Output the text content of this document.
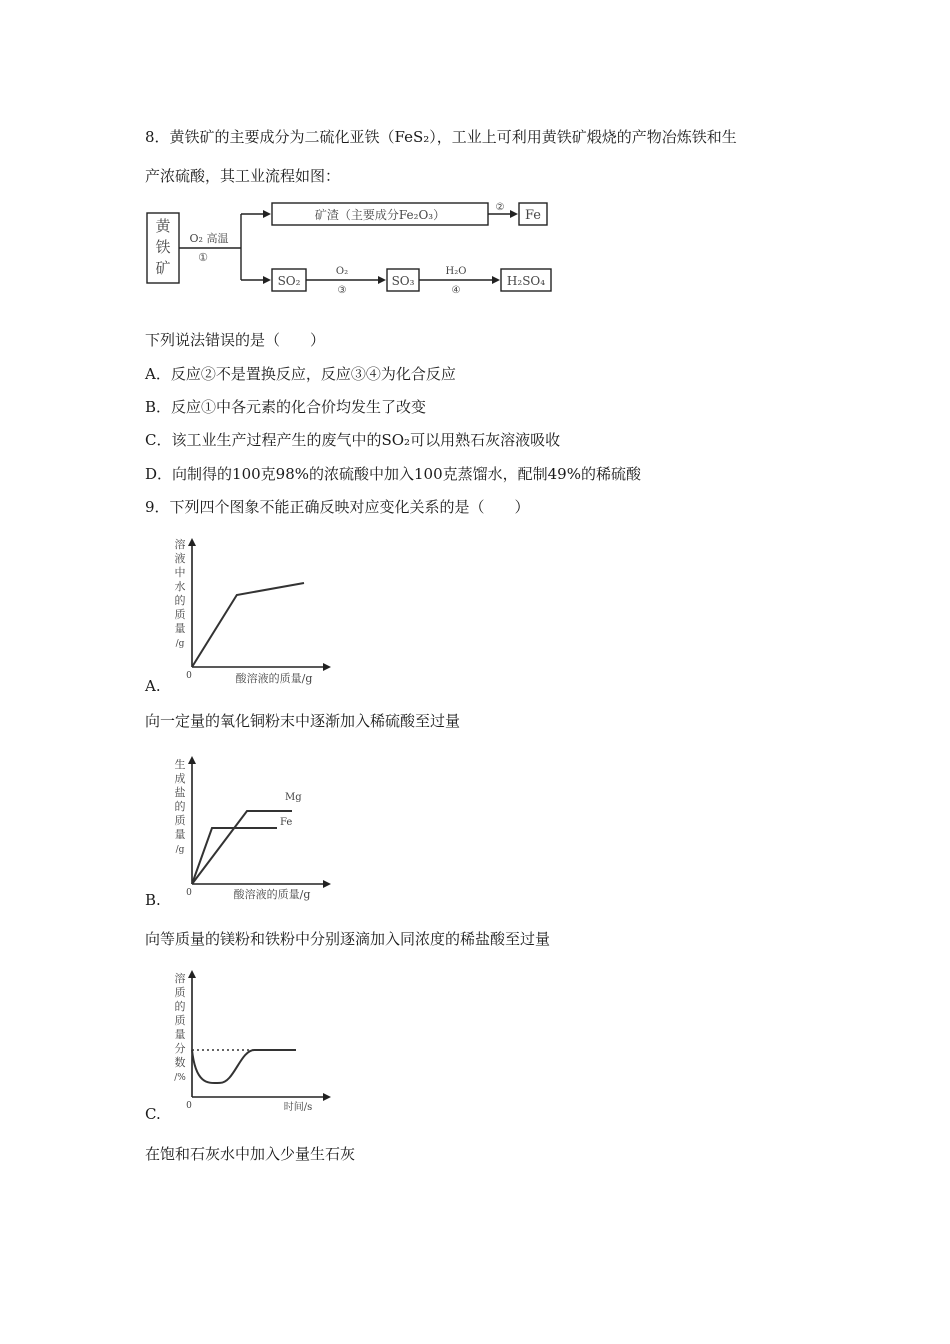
8．黄铁矿的主要成分为二硫化亚铁（FeS₂），工业上可利用黄铁矿煅烧的产物冶炼铁和生
产浓硫酸，其工业流程如图：
黄
铁
矿
O₂ 高温
①
矿渣（主要成分Fe₂O₃）
②
Fe
SO₂
O₂
③
SO₃
H₂O
④
H₂SO₄
下列说法错误的是（　　）
A．反应②不是置换反应，反应③④为化合反应
B．反应①中各元素的化合价均发生了改变
C．该工业生产过程产生的废气中的SO₂可以用熟石灰溶液吸收
D．向制得的100克98%的浓硫酸中加入100克蒸馏水，配制49%的稀硫酸
9．下列四个图象不能正确反映对应变化关系的是（　　）
溶
液
中
水
的
质
量
/g
0	酸溶液的质量/g
A.
向一定量的氧化铜粉末中逐渐加入稀硫酸至过量
生
成
盐
的
质
量
/g
0	酸溶液的质量/g
Mg
Fe
B.
向等质量的镁粉和铁粉中分别逐滴加入同浓度的稀盐酸至过量
溶
质
的
质
量
分
数
/%
0	时间/s
C.
在饱和石灰水中加入少量生石灰
